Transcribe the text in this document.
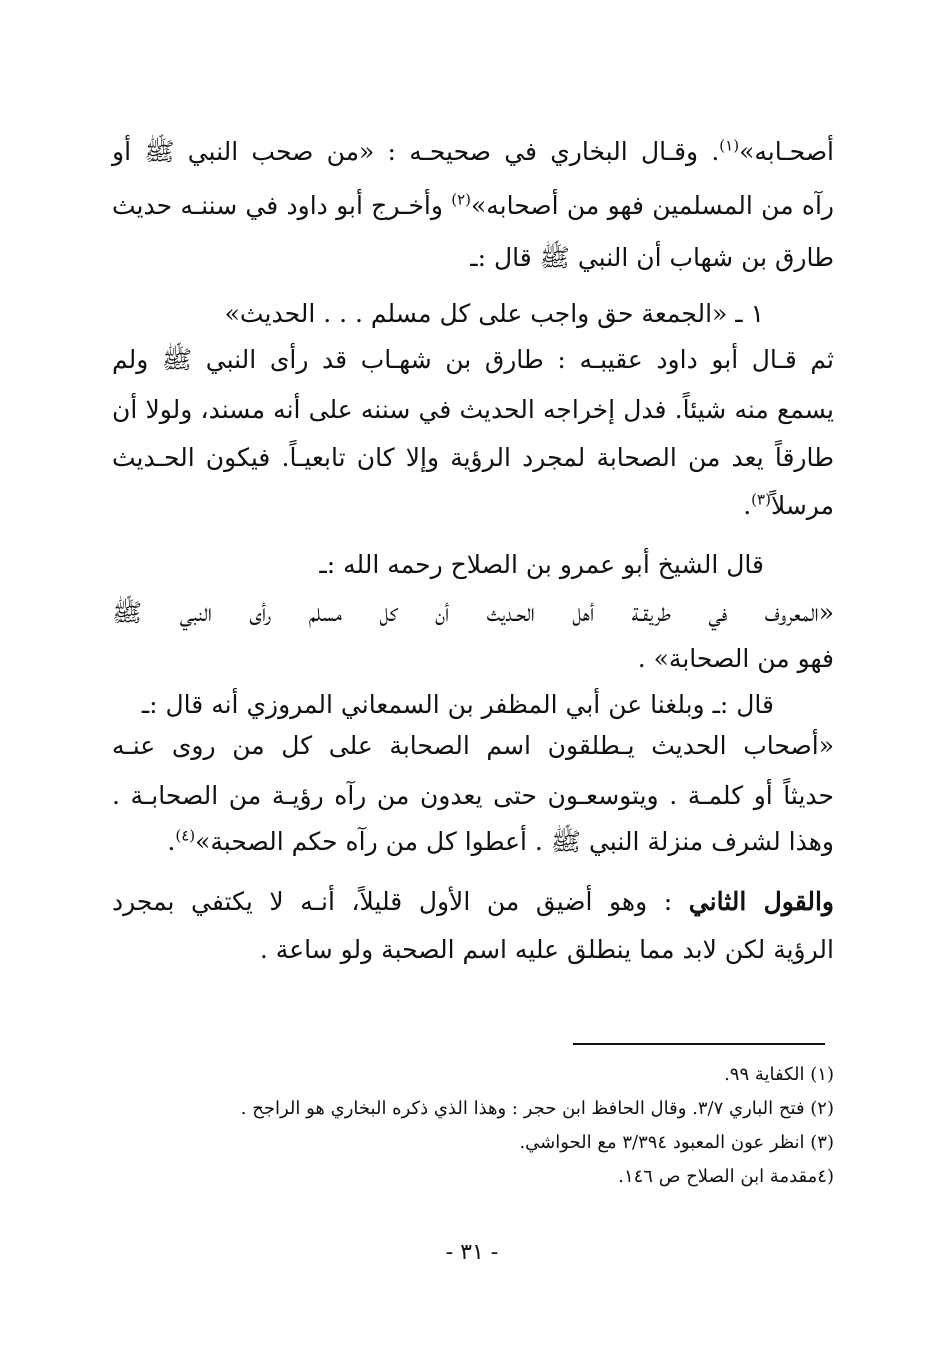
أصحـابه»$^{(١)}$. وقـال البخاري في صحيحـه : «من صحب النبي ﷺ أو
رآه من المسلمين فهو من أصحابه»$^{(٢)}$ وأخـرج أبو داود في سننـه حديث
طارق بن شهاب أن النبي ﷺ قال :ـ
١ ـ «الجمعة حق واجب على كل مسلم . . . الحديث»
ثم قـال أبو داود عقيبـه : طارق بن شهـاب قد رأى النبي ﷺ ولم
يسمع منه شيئاً. فدل إخراجه الحديث في سننه على أنه مسند، ولولا أن
طارقاً يعد من الصحابة لمجرد الرؤية وإلا كان تابعيـاً. فيكون الحـديث
مرسلاً$^{(٣)}$.
قال الشيخ أبو عمرو بن الصلاح رحمه الله :ـ
«المعروف في طريقـة أهل الحـديث أن كل مسلم رأى النبي ﷺ
فهو من الصحابة» .
قال :ـ وبلغنا عن أبي المظفر بن السمعاني المروزي أنه قال :ـ
«أصحاب الحديث يـطلقون اسم الصحابة على كل من روى عنـه
حديثاً أو كلمـة . ويتوسعـون حتى يعدون من رآه رؤيـة من الصحابـة .
وهذا لشرف منزلة النبي ﷺ . أعطوا كل من رآه حكم الصحبة»$^{(٤)}$.
والقول الثاني : وهو أضيق من الأول قليلاً، أنـه لا يكتفي بمجرد
الرؤية لكن لابد مما ينطلق عليه اسم الصحبة ولو ساعة .
(١) الكفاية ٩٩.
(٢) فتح الباري ٣/٧. وقال الحافظ ابن حجر : وهذا الذي ذكره البخاري هو الراجح .
(٣) انظر عون المعبود ٣/٣٩٤ مع الحواشي.
(٤مقدمة ابن الصلاح ص ١٤٦.
- ٣١ -
